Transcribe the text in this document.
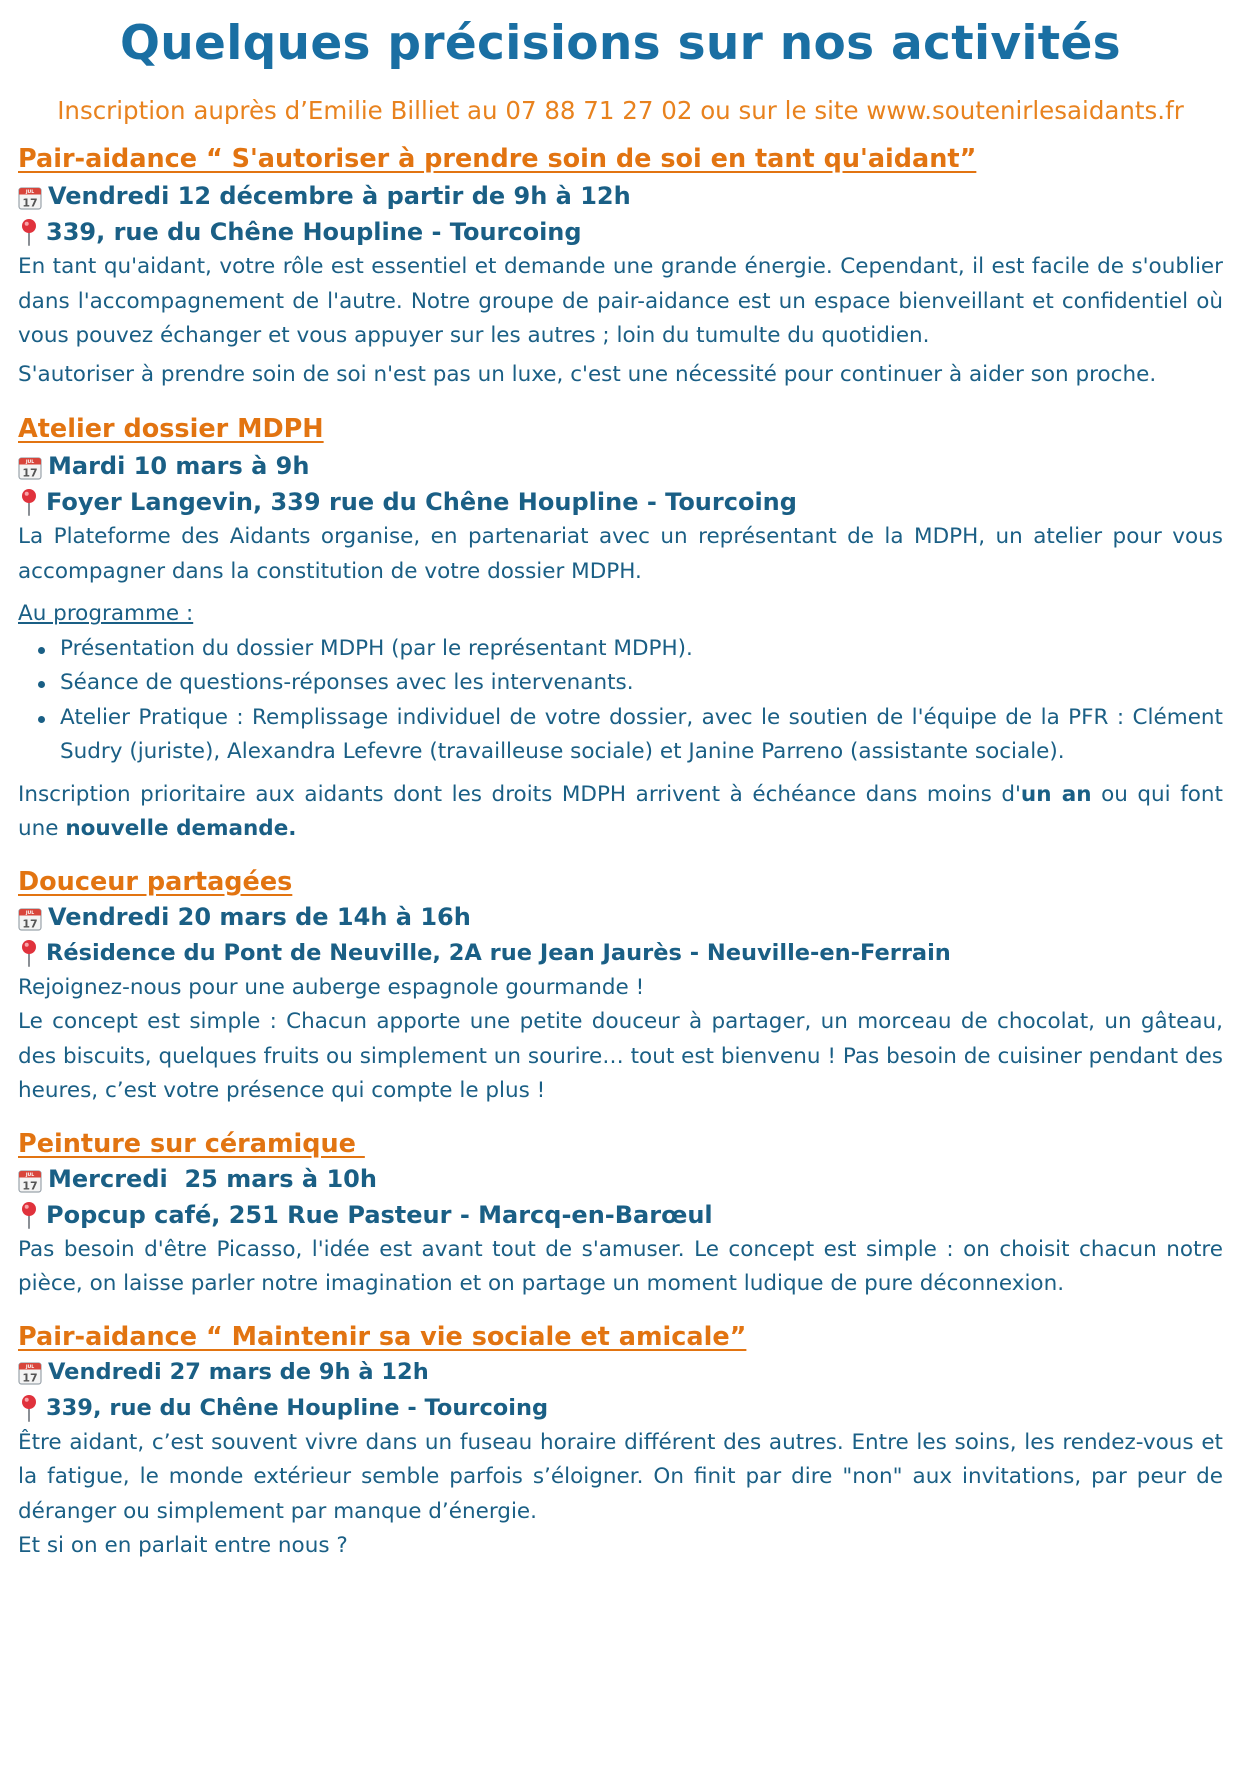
Quelques précisions sur nos activités
Inscription auprès d’Emilie Billiet au 07 88 71 27 02 ou sur le site www.soutenirlesaidants.fr
Pair-aidance “ S'autoriser à prendre soin de soi en tant qu'aidant”
Vendredi 12 décembre à partir de 9h à 12h
339, rue du Chêne Houpline - Tourcoing

En tant qu'aidant, votre rôle est essentiel et demande une grande énergie. Cependant, il est facile de s'oublier dans l'accompagnement de l'autre. Notre groupe de pair-aidance est un espace bienveillant et confidentiel où vous pouvez échanger et vous appuyer sur les autres ; loin du tumulte du quotidien.

S'autoriser à prendre soin de soi n'est pas un luxe, c'est une nécessité pour continuer à aider son proche.

Atelier dossier MDPH
Mardi 10 mars à 9h
Foyer Langevin, 339 rue du Chêne Houpline - Tourcoing

La Plateforme des Aidants organise, en partenariat avec un représentant de la MDPH, un atelier pour vous accompagner dans la constitution de votre dossier MDPH.

Au programme :
Présentation du dossier MDPH (par le représentant MDPH).
Séance de questions-réponses avec les intervenants.
Atelier Pratique : Remplissage individuel de votre dossier, avec le soutien de l'équipe de la PFR : Clément Sudry (juriste), Alexandra Lefevre (travailleuse sociale) et Janine Parreno (assistante sociale).

Inscription prioritaire aux aidants dont les droits MDPH arrivent à échéance dans moins d'un an ou qui font une nouvelle demande.

Douceur partagées
Vendredi 20 mars de 14h à 16h
Résidence du Pont de Neuville, 2A rue Jean Jaurès - Neuville-en-Ferrain

Rejoignez-nous pour une auberge espagnole gourmande !

Le concept est simple : Chacun apporte une petite douceur à partager, un morceau de chocolat, un gâteau, des biscuits, quelques fruits ou simplement un sourire… tout est bienvenu ! Pas besoin de cuisiner pendant des heures, c’est votre présence qui compte le plus !

Peinture sur céramique
Mercredi  25 mars à 10h
Popcup café, 251 Rue Pasteur - Marcq-en-Barœul

Pas besoin d'être Picasso, l'idée est avant tout de s'amuser. Le concept est simple : on choisit chacun notre pièce, on laisse parler notre imagination et on partage un moment ludique de pure déconnexion.

Pair-aidance “ Maintenir sa vie sociale et amicale”
Vendredi 27 mars de 9h à 12h
339, rue du Chêne Houpline - Tourcoing

Être aidant, c’est souvent vivre dans un fuseau horaire différent des autres. Entre les soins, les rendez-vous et la fatigue, le monde extérieur semble parfois s’éloigner. On finit par dire "non" aux invitations, par peur de déranger ou simplement par manque d’énergie.

Et si on en parlait entre nous ?
